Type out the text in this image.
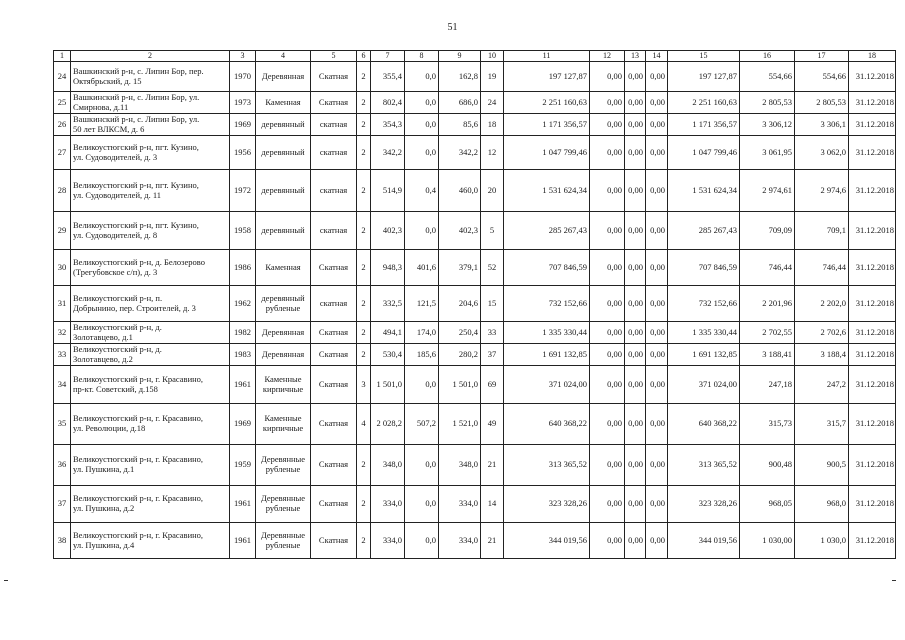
51
1	2	3	4	5	6	7	8	9	10	11	12	13	14	15	16	17	18
24	Вашкинский р-н, с. Липин Бор, пер.
Октябрьский, д. 15	1970	Деревянная	Скатная	2	355,4	0,0	162,8	19	197 127,87	0,00	0,00	0,00	197 127,87	554,66	554,66	31.12.2018
25	Вашкинский р-н, с. Липин Бор, ул.
Смирнова, д.11	1973	Каменная	Скатная	2	802,4	0,0	686,0	24	2 251 160,63	0,00	0,00	0,00	2 251 160,63	2 805,53	2 805,53	31.12.2018
26	Вашкинский р-н, с. Липин Бор, ул.
50 лет ВЛКСМ, д. 6	1969	деревянный	скатная	2	354,3	0,0	85,6	18	1 171 356,57	0,00	0,00	0,00	1 171 356,57	3 306,12	3 306,1	31.12.2018
27	Великоустюгский р-н, пгт. Кузино,
ул. Судоводителей, д. 3	1956	деревянный	скатная	2	342,2	0,0	342,2	12	1 047 799,46	0,00	0,00	0,00	1 047 799,46	3 061,95	3 062,0	31.12.2018
28	Великоустюгский р-н, пгт. Кузино,
ул. Судоводителей, д. 11	1972	деревянный	скатная	2	514,9	0,4	460,0	20	1 531 624,34	0,00	0,00	0,00	1 531 624,34	2 974,61	2 974,6	31.12.2018
29	Великоустюгский р-н, пгт. Кузино,
ул. Судоводителей, д. 8	1958	деревянный	скатная	2	402,3	0,0	402,3	5	285 267,43	0,00	0,00	0,00	285 267,43	709,09	709,1	31.12.2018
30	Великоустюгский р-н, д. Белозерово
(Трегубовское с/п), д. 3	1986	Каменная	Скатная	2	948,3	401,6	379,1	52	707 846,59	0,00	0,00	0,00	707 846,59	746,44	746,44	31.12.2018
31	Великоустюгский р-н, п.
Добрынино, пер. Строителей, д. 3	1962	деревянный рубленые	скатная	2	332,5	121,5	204,6	15	732 152,66	0,00	0,00	0,00	732 152,66	2 201,96	2 202,0	31.12.2018
32	Великоустюгский р-н, д.
Золотавцево, д.1	1982	Деревянная	Скатная	2	494,1	174,0	250,4	33	1 335 330,44	0,00	0,00	0,00	1 335 330,44	2 702,55	2 702,6	31.12.2018
33	Великоустюгский р-н, д.
Золотавцево, д.2	1983	Деревянная	Скатная	2	530,4	185,6	280,2	37	1 691 132,85	0,00	0,00	0,00	1 691 132,85	3 188,41	3 188,4	31.12.2018
34	Великоустюгский р-н, г. Красавино,
пр-кт. Советский, д.158	1961	Каменные кирпичные	Скатная	3	1 501,0	0,0	1 501,0	69	371 024,00	0,00	0,00	0,00	371 024,00	247,18	247,2	31.12.2018
35	Великоустюгский р-н, г. Красавино,
ул. Революции, д.18	1969	Каменные кирпичные	Скатная	4	2 028,2	507,2	1 521,0	49	640 368,22	0,00	0,00	0,00	640 368,22	315,73	315,7	31.12.2018
36	Великоустюгский р-н, г. Красавино,
ул. Пушкина, д.1	1959	Деревянные рубленые	Скатная	2	348,0	0,0	348,0	21	313 365,52	0,00	0,00	0,00	313 365,52	900,48	900,5	31.12.2018
37	Великоустюгский р-н, г. Красавино,
ул. Пушкина, д.2	1961	Деревянные рубленые	Скатная	2	334,0	0,0	334,0	14	323 328,26	0,00	0,00	0,00	323 328,26	968,05	968,0	31.12.2018
38	Великоустюгский р-н, г. Красавино,
ул. Пушкина, д.4	1961	Деревянные рубленые	Скатная	2	334,0	0,0	334,0	21	344 019,56	0,00	0,00	0,00	344 019,56	1 030,00	1 030,0	31.12.2018
